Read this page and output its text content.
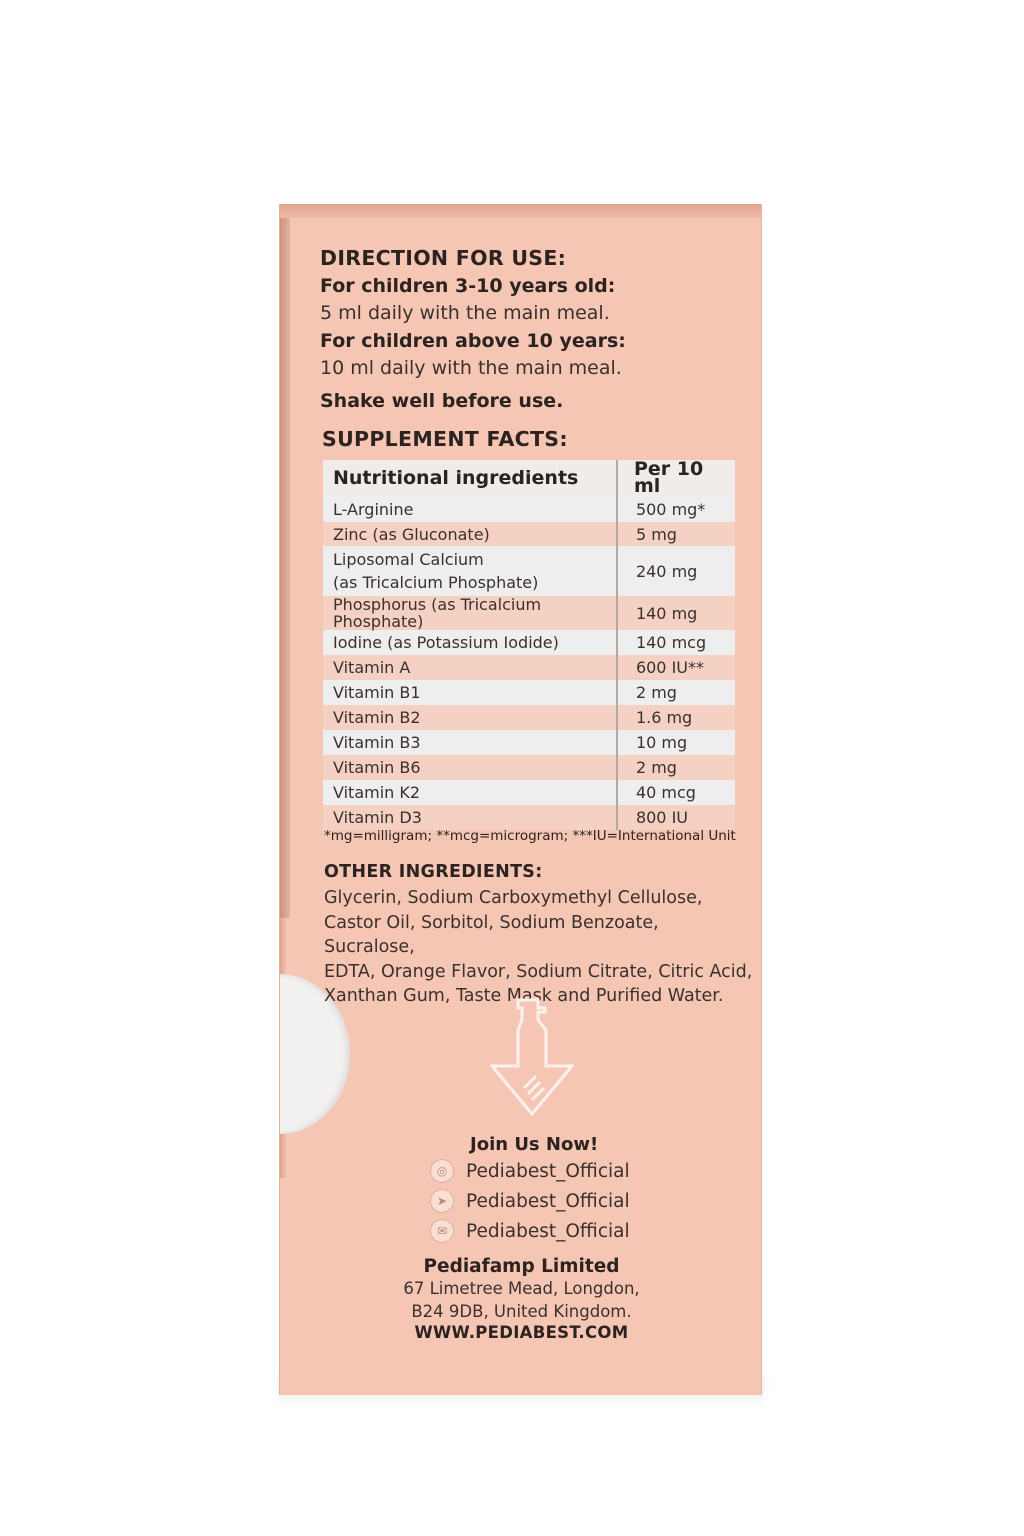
DIRECTION FOR USE:

For children 3-10 years old:

5 ml daily with the main meal.

For children above 10 years:

10 ml daily with the main meal.

Shake well before use.

SUPPLEMENT FACTS:

Nutritional ingredients	Per 10 ml
L-Arginine	500 mg*
Zinc (as Gluconate)	5 mg
Liposomal Calcium
(as Tricalcium Phosphate)	240 mg
Phosphorus (as Tricalcium Phosphate)	140 mg
Iodine (as Potassium Iodide)	140 mcg
Vitamin A	600 IU**
Vitamin B1	2 mg
Vitamin B2	1.6 mg
Vitamin B3	10 mg
Vitamin B6	2 mg
Vitamin K2	40 mcg
Vitamin D3	800 IU
*mg=milligram; **mcg=microgram; ***IU=International Unit

OTHER INGREDIENTS:

Glycerin, Sodium Carboxymethyl Cellulose,

Castor Oil, Sorbitol, Sodium Benzoate, Sucralose,

EDTA, Orange Flavor, Sodium Citrate, Citric Acid,

Xanthan Gum, Taste Mask and Purified Water.

Join Us Now!
◎	Pediabest_Official
➤	Pediabest_Official
✉	Pediabest_Official
Pediafamp Limited
67 Limetree Mead, Longdon,
B24 9DB, United Kingdom.
WWW.PEDIABEST.COM
